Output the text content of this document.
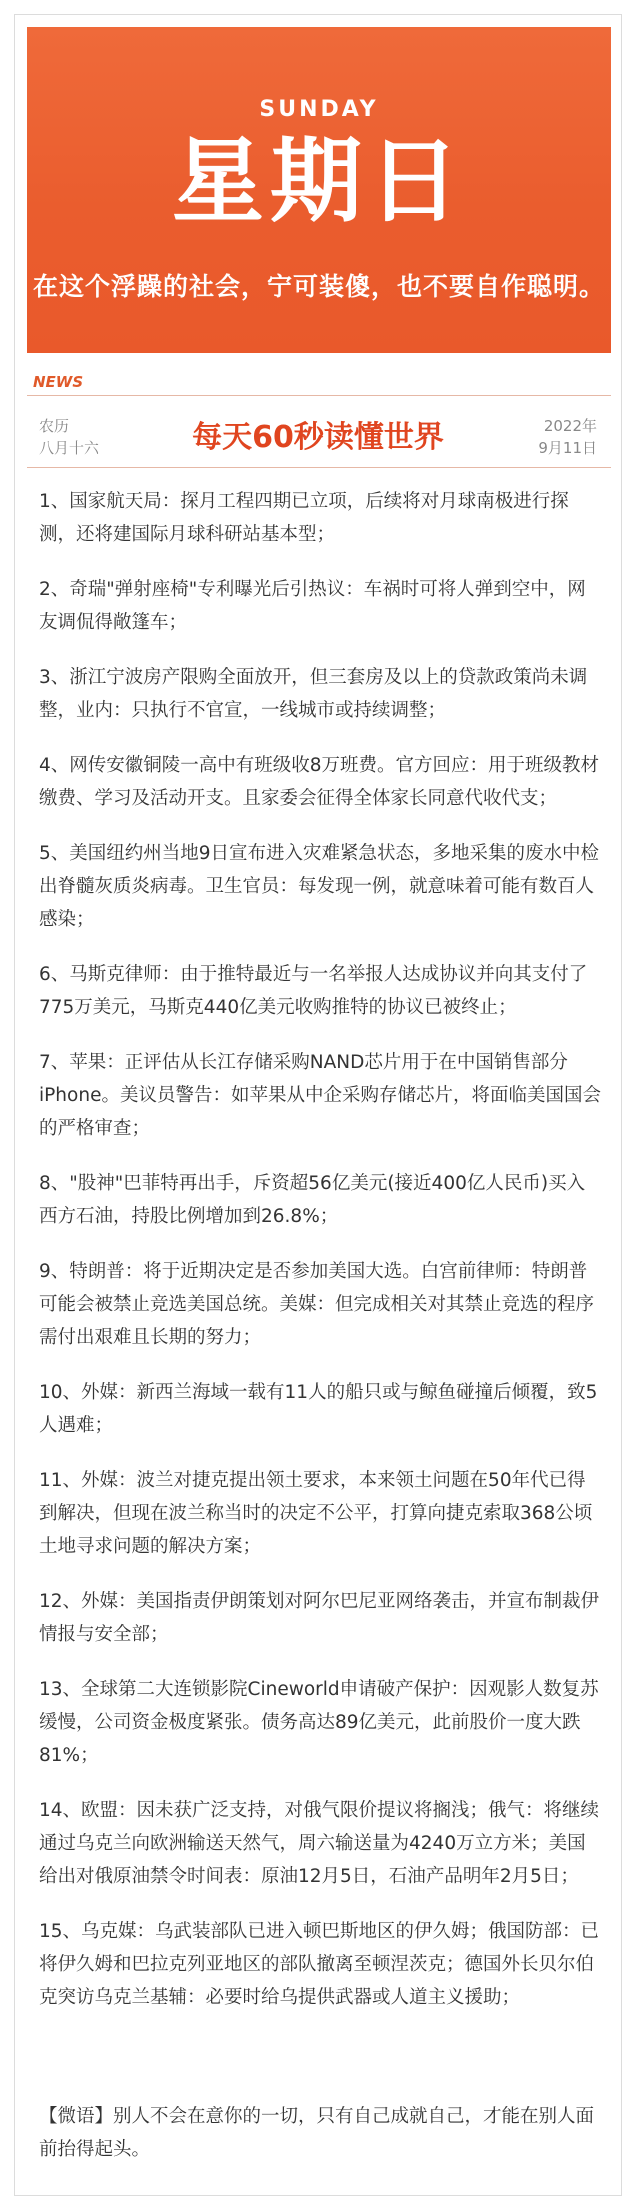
SUNDAY
星期日
在这个浮躁的社会，宁可装傻，也不要自作聪明。
NEWS
农历
八月十六	每天60秒读懂世界	2022年
9月11日

1、国家航天局：探月工程四期已立项，后续将对月球南极进行探测，还将建国际月球科研站基本型；

2、奇瑞"弹射座椅"专利曝光后引热议：车祸时可将人弹到空中，网友调侃得敞篷车；

3、浙江宁波房产限购全面放开，但三套房及以上的贷款政策尚未调整，业内：只执行不官宣，一线城市或持续调整；

4、网传安徽铜陵一高中有班级收8万班费。官方回应：用于班级教材缴费、学习及活动开支。且家委会征得全体家长同意代收代支；

5、美国纽约州当地9日宣布进入灾难紧急状态，多地采集的废水中检出脊髓灰质炎病毒。卫生官员：每发现一例，就意味着可能有数百人感染；

6、马斯克律师：由于推特最近与一名举报人达成协议并向其支付了775万美元，马斯克440亿美元收购推特的协议已被终止；

7、苹果：正评估从长江存储采购NAND芯片用于在中国销售部分iPhone。美议员警告：如苹果从中企采购存储芯片，将面临美国国会的严格审查；

8、"股神"巴菲特再出手，斥资超56亿美元(接近400亿人民币)买入西方石油，持股比例增加到26.8%；

9、特朗普：将于近期决定是否参加美国大选。白宫前律师：特朗普可能会被禁止竞选美国总统。美媒：但完成相关对其禁止竞选的程序需付出艰难且长期的努力；

10、外媒：新西兰海域一载有11人的船只或与鲸鱼碰撞后倾覆，致5人遇难；

11、外媒：波兰对捷克提出领土要求，本来领土问题在50年代已得到解决，但现在波兰称当时的决定不公平，打算向捷克索取368公顷土地寻求问题的解决方案；

12、外媒：美国指责伊朗策划对阿尔巴尼亚网络袭击，并宣布制裁伊情报与安全部；

13、全球第二大连锁影院Cineworld申请破产保护：因观影人数复苏缓慢，公司资金极度紧张。债务高达89亿美元，此前股价一度大跌81%；

14、欧盟：因未获广泛支持，对俄气限价提议将搁浅；俄气：将继续通过乌克兰向欧洲输送天然气，周六输送量为4240万立方米；美国给出对俄原油禁令时间表：原油12月5日，石油产品明年2月5日；

15、乌克媒：乌武装部队已进入顿巴斯地区的伊久姆；俄国防部：已将伊久姆和巴拉克列亚地区的部队撤离至顿涅茨克；德国外长贝尔伯克突访乌克兰基辅：必要时给乌提供武器或人道主义援助；

【微语】别人不会在意你的一切，只有自己成就自己，才能在别人面前抬得起头。
